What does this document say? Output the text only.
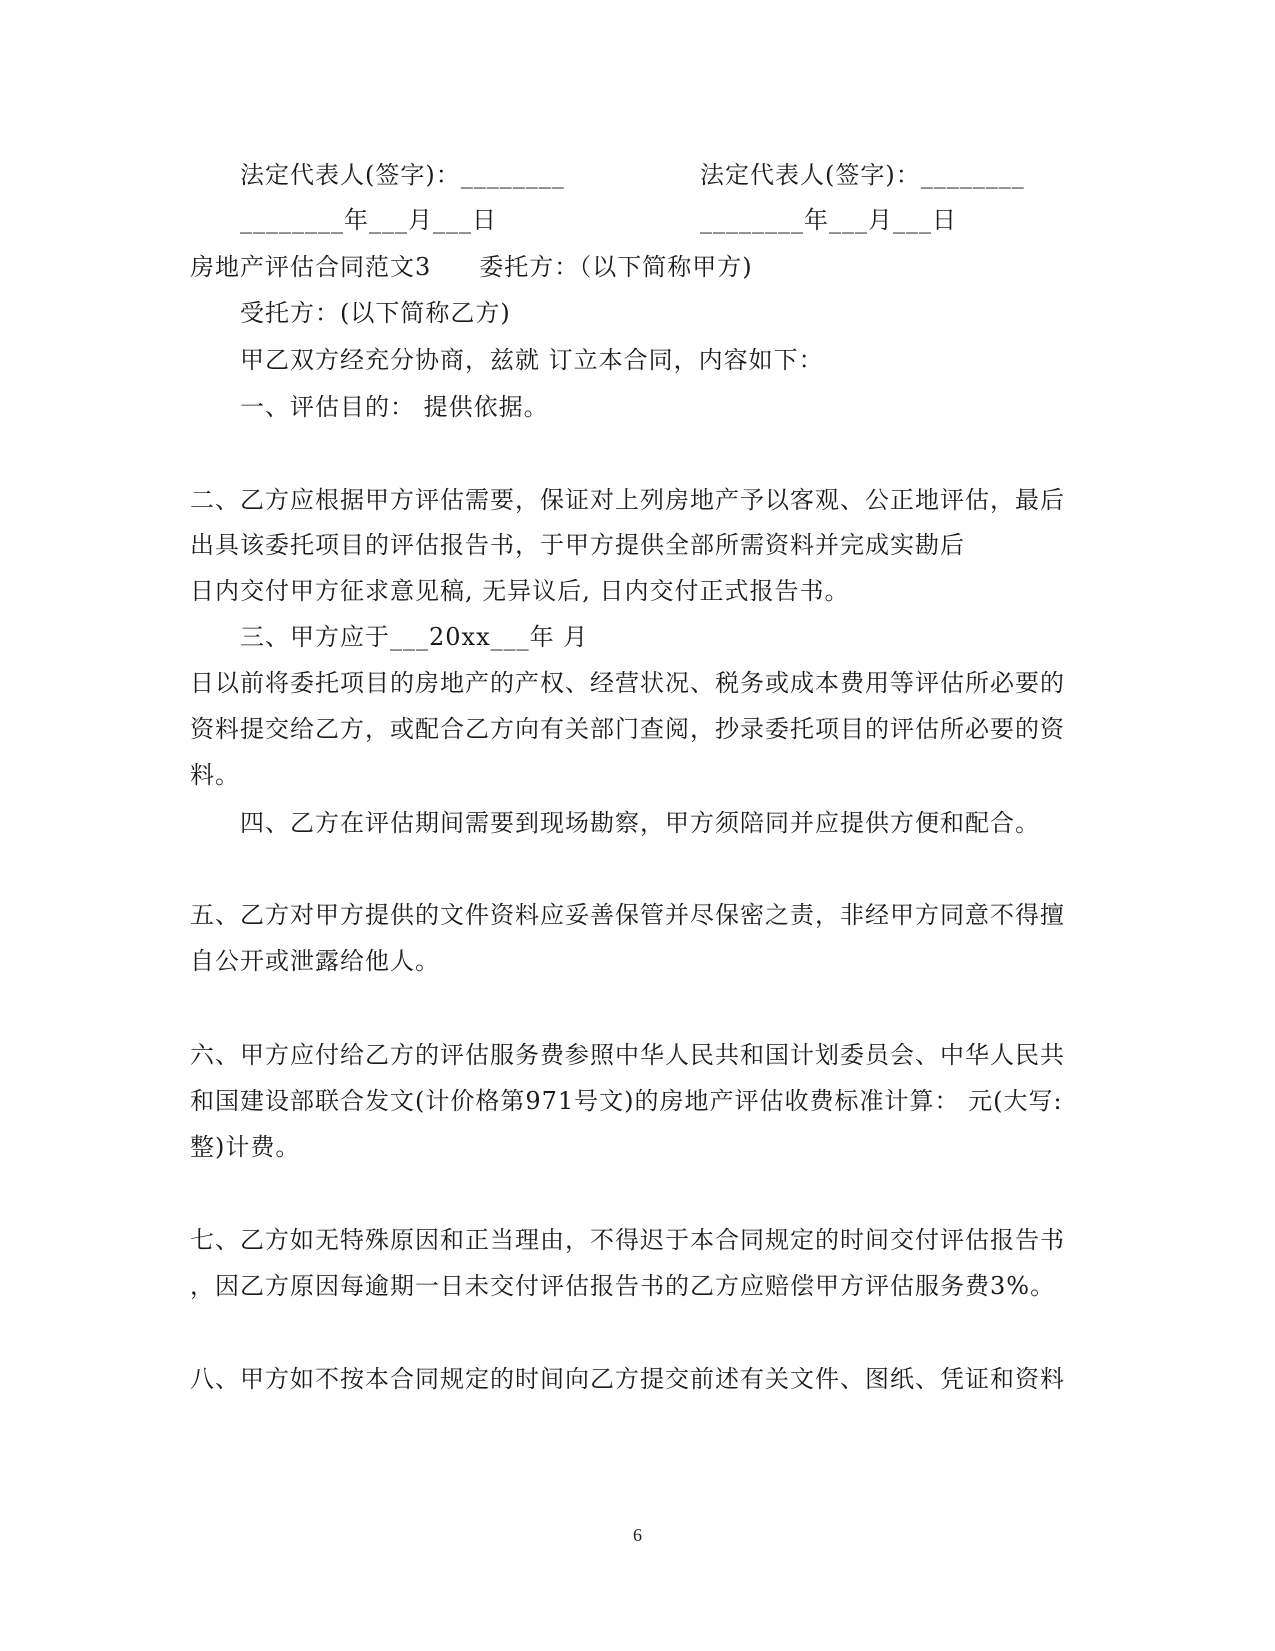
法定代表人(签字)：________	法定代表人(签字)：________
________年___月___日	________年___月___日
房地产评估合同范文3 委托方：（以下简称甲方)
受托方：(以下简称乙方)
甲乙双方经充分协商，兹就 订立本合同，内容如下：
一、评估目的： 提供依据。
二、乙方应根据甲方评估需要，保证对上列房地产予以客观、公正地评估，最后
出具该委托项目的评估报告书，于甲方提供全部所需资料并完成实勘后
日内交付甲方征求意见稿, 无异议后, 日内交付正式报告书。
三、甲方应于___20xx___年 月
日以前将委托项目的房地产的产权、经营状况、税务或成本费用等评估所必要的
资料提交给乙方，或配合乙方向有关部门查阅，抄录委托项目的评估所必要的资
料。
四、乙方在评估期间需要到现场勘察，甲方须陪同并应提供方便和配合。
五、乙方对甲方提供的文件资料应妥善保管并尽保密之责，非经甲方同意不得擅
自公开或泄露给他人。
六、甲方应付给乙方的评估服务费参照中华人民共和国计划委员会、中华人民共
和国建设部联合发文(计价格第971号文)的房地产评估收费标准计算： 元(大写:
整)计费。
七、乙方如无特殊原因和正当理由，不得迟于本合同规定的时间交付评估报告书
，因乙方原因每逾期一日未交付评估报告书的乙方应赔偿甲方评估服务费3%。
八、甲方如不按本合同规定的时间向乙方提交前述有关文件、图纸、凭证和资料
6
